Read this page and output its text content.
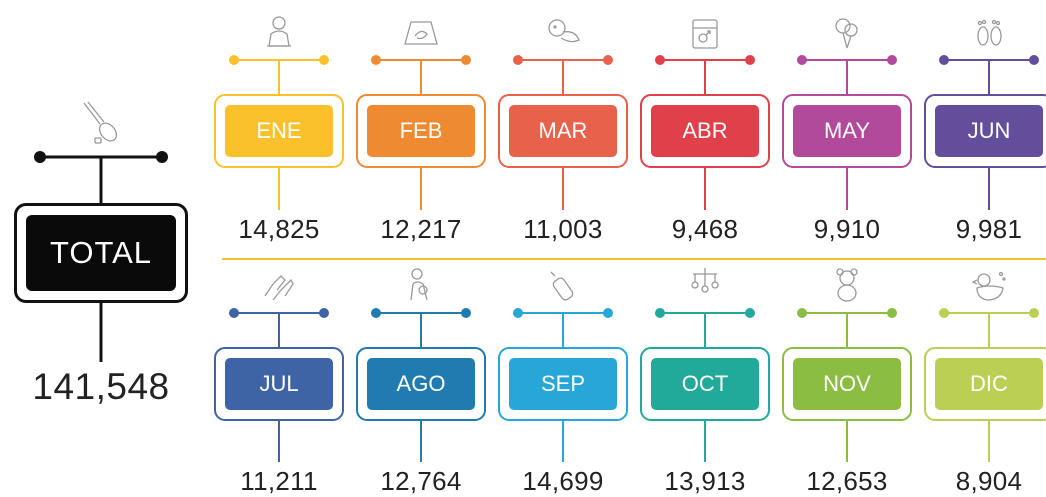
TOTAL
141,548
ENE
14,825
FEB
12,217
MAR
11,003
ABR
9,468
MAY
9,910
JUN
9,981
JUL
11,211
AGO
12,764
SEP
14,699
OCT
13,913
NOV
12,653
DIC
8,904
